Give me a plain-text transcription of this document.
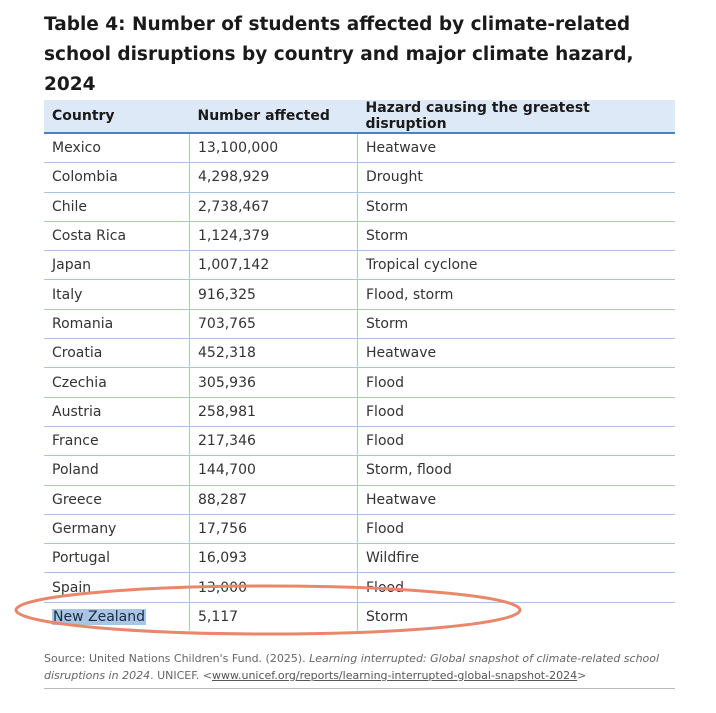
Table 4: Number of students affected by climate-related school disruptions by country and major climate hazard, 2024
Country	Number affected	Hazard causing the greatest disruption
Mexico	13,100,000	Heatwave
Colombia	4,298,929	Drought
Chile	2,738,467	Storm
Costa Rica	1,124,379	Storm
Japan	1,007,142	Tropical cyclone
Italy	916,325	Flood, storm
Romania	703,765	Storm
Croatia	452,318	Heatwave
Czechia	305,936	Flood
Austria	258,981	Flood
France	217,346	Flood
Poland	144,700	Storm, flood
Greece	88,287	Heatwave
Germany	17,756	Flood
Portugal	16,093	Wildfire
Spain	13,000	Flood
New Zealand	5,117	Storm

Source: United Nations Children's Fund. (2025). Learning interrupted: Global snapshot of climate-related school disruptions in 2024. UNICEF. <www.unicef.org/reports/learning-interrupted-global-snapshot-2024>
